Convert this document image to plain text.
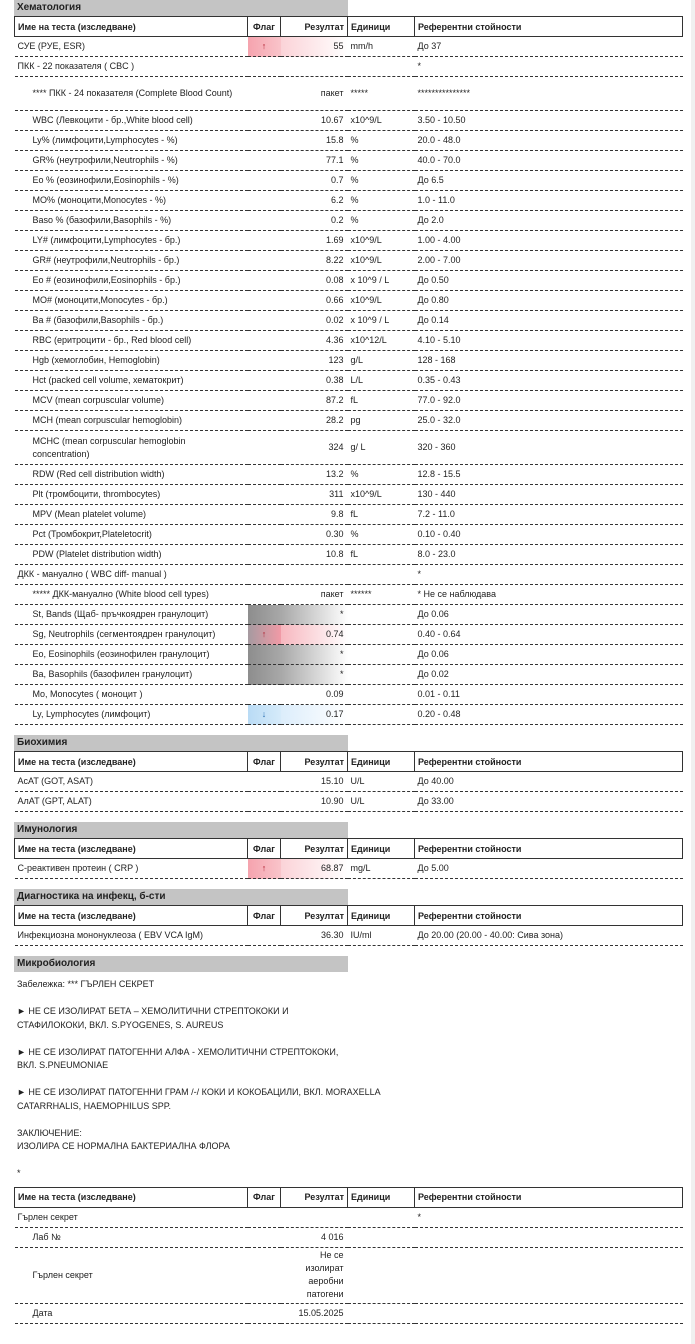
Хематология
Име на теста (изследване)	Флаг	Резултат	Единици	Референтни стойности
СУЕ (РУЕ, ESR)	↑	55	mm/h	До 37
ПКК - 22 показателя ( CBC )				*
**** ПКК - 24 показателя (Complete Blood Count)		пакет	*****	***************
WBC (Левкоцити - бр.,White blood cell)		10.67	x10^9/L	3.50 - 10.50
Ly% (лимфоцити,Lymphocytes - %)		15.8	%	20.0 - 48.0
GR% (неутрофили,Neutrophils - %)		77.1	%	40.0 - 70.0
Eo % (еозинофили,Eosinophils - %)		0.7	%	До 6.5
MO% (моноцити,Monocytes - %)		6.2	%	1.0 - 11.0
Baso % (базофили,Basophils - %)		0.2	%	До 2.0
LY# (лимфоцити,Lymphocytes - бр.)		1.69	x10^9/L	1.00 - 4.00
GR# (неутрофили,Neutrophils - бр.)		8.22	x10^9/L	2.00 - 7.00
Eo # (еозинофили,Eosinophils - бр.)		0.08	x 10^9 / L	До 0.50
MO# (моноцити,Monocytes - бр.)		0.66	x10^9/L	До 0.80
Ba # (базофили,Basophils - бр.)		0.02	x 10^9 / L	До 0.14
RBC (еритроцити - бр., Red blood cell)		4.36	x10^12/L	4.10 - 5.10
Hgb (хемоглобин, Hemoglobin)		123	g/L	128 - 168
Hct (packed cell volume, хематокрит)		0.38	L/L	0.35 - 0.43
MCV (mean corpuscular volume)		87.2	fL	77.0 - 92.0
MCH (mean corpuscular hemoglobin)		28.2	pg	25.0 - 32.0
MCHC (mean corpuscular hemoglobin concentration)		324	g/ L	320 - 360
RDW (Red cell distribution width)		13.2	%	12.8 - 15.5
Plt (тромбоцити, thrombocytes)		311	x10^9/L	130 - 440
MPV (Mean platelet volume)		9.8	fL	7.2 - 11.0
Pct (Тромбокрит,Plateletocrit)		0.30	%	0.10 - 0.40
PDW (Platelet distribution width)		10.8	fL	8.0 - 23.0
ДКК - мануално ( WBC diff- manual )				*
***** ДКК-мануално (White blood cell types)		пакет	******	* Не се наблюдава
St, Bands (Щаб- пръчкоядрен гранулоцит)		*		До 0.06
Sg, Neutrophils (сегментоядрен гранулоцит)	↑	0.74		0.40 - 0.64
Eo, Eosinophils (еозинофилен гранулоцит)		*		До 0.06
Ba, Basophils (базофилен гранулоцит)		*		До 0.02
Mo, Monocytes ( моноцит )		0.09		0.01 - 0.11
Ly, Lymphocytes (лимфоцит)	↓	0.17		0.20 - 0.48
Биохимия
Име на теста (изследване)	Флаг	Резултат	Единици	Референтни стойности
AcAT (GOT, ASAT)		15.10	U/L	До 40.00
AлAT (GPT, ALAT)		10.90	U/L	До 33.00
Имунология
Име на теста (изследване)	Флаг	Резултат	Единици	Референтни стойности
С-реактивен протеин ( CRP )	↑	68.87	mg/L	До 5.00
Диагностика на инфекц, б-сти
Име на теста (изследване)	Флаг	Резултат	Единици	Референтни стойности
Инфекциозна мононуклеоза ( EBV VCA IgM)		36.30	IU/ml	До 20.00 (20.00 - 40.00: Сива зона)
Микробиология

Забележка: *** ГЪРЛЕН СЕКРЕТ

► НЕ СЕ ИЗОЛИРАТ БЕТА – ХЕМОЛИТИЧНИ СТРЕПТОКОКИ И
СТАФИЛОКОКИ, ВКЛ. S.PYOGENES, S. AUREUS

► НЕ СЕ ИЗОЛИРАТ ПАТОГЕННИ АЛФА - ХЕМОЛИТИЧНИ СТРЕПТОКОКИ,
ВКЛ. S.PNEUMONIAE

► НЕ СЕ ИЗОЛИРАТ ПАТОГЕННИ ГРАМ /-/ КОКИ И КОКОБАЦИЛИ, ВКЛ. MORAXELLA
CATARRHALIS, HAEMOPHILUS SPP.

ЗАКЛЮЧЕНИЕ:
ИЗОЛИРА СЕ НОРМАЛНА БАКТЕРИАЛНА ФЛОРА

*

Име на теста (изследване)	Флаг	Резултат	Единици	Референтни стойности
Гърлен секрет				*
Лаб №		4 016		
Гърлен секрет		Не се изолират аеробни патогени		
Дата		15.05.2025		
